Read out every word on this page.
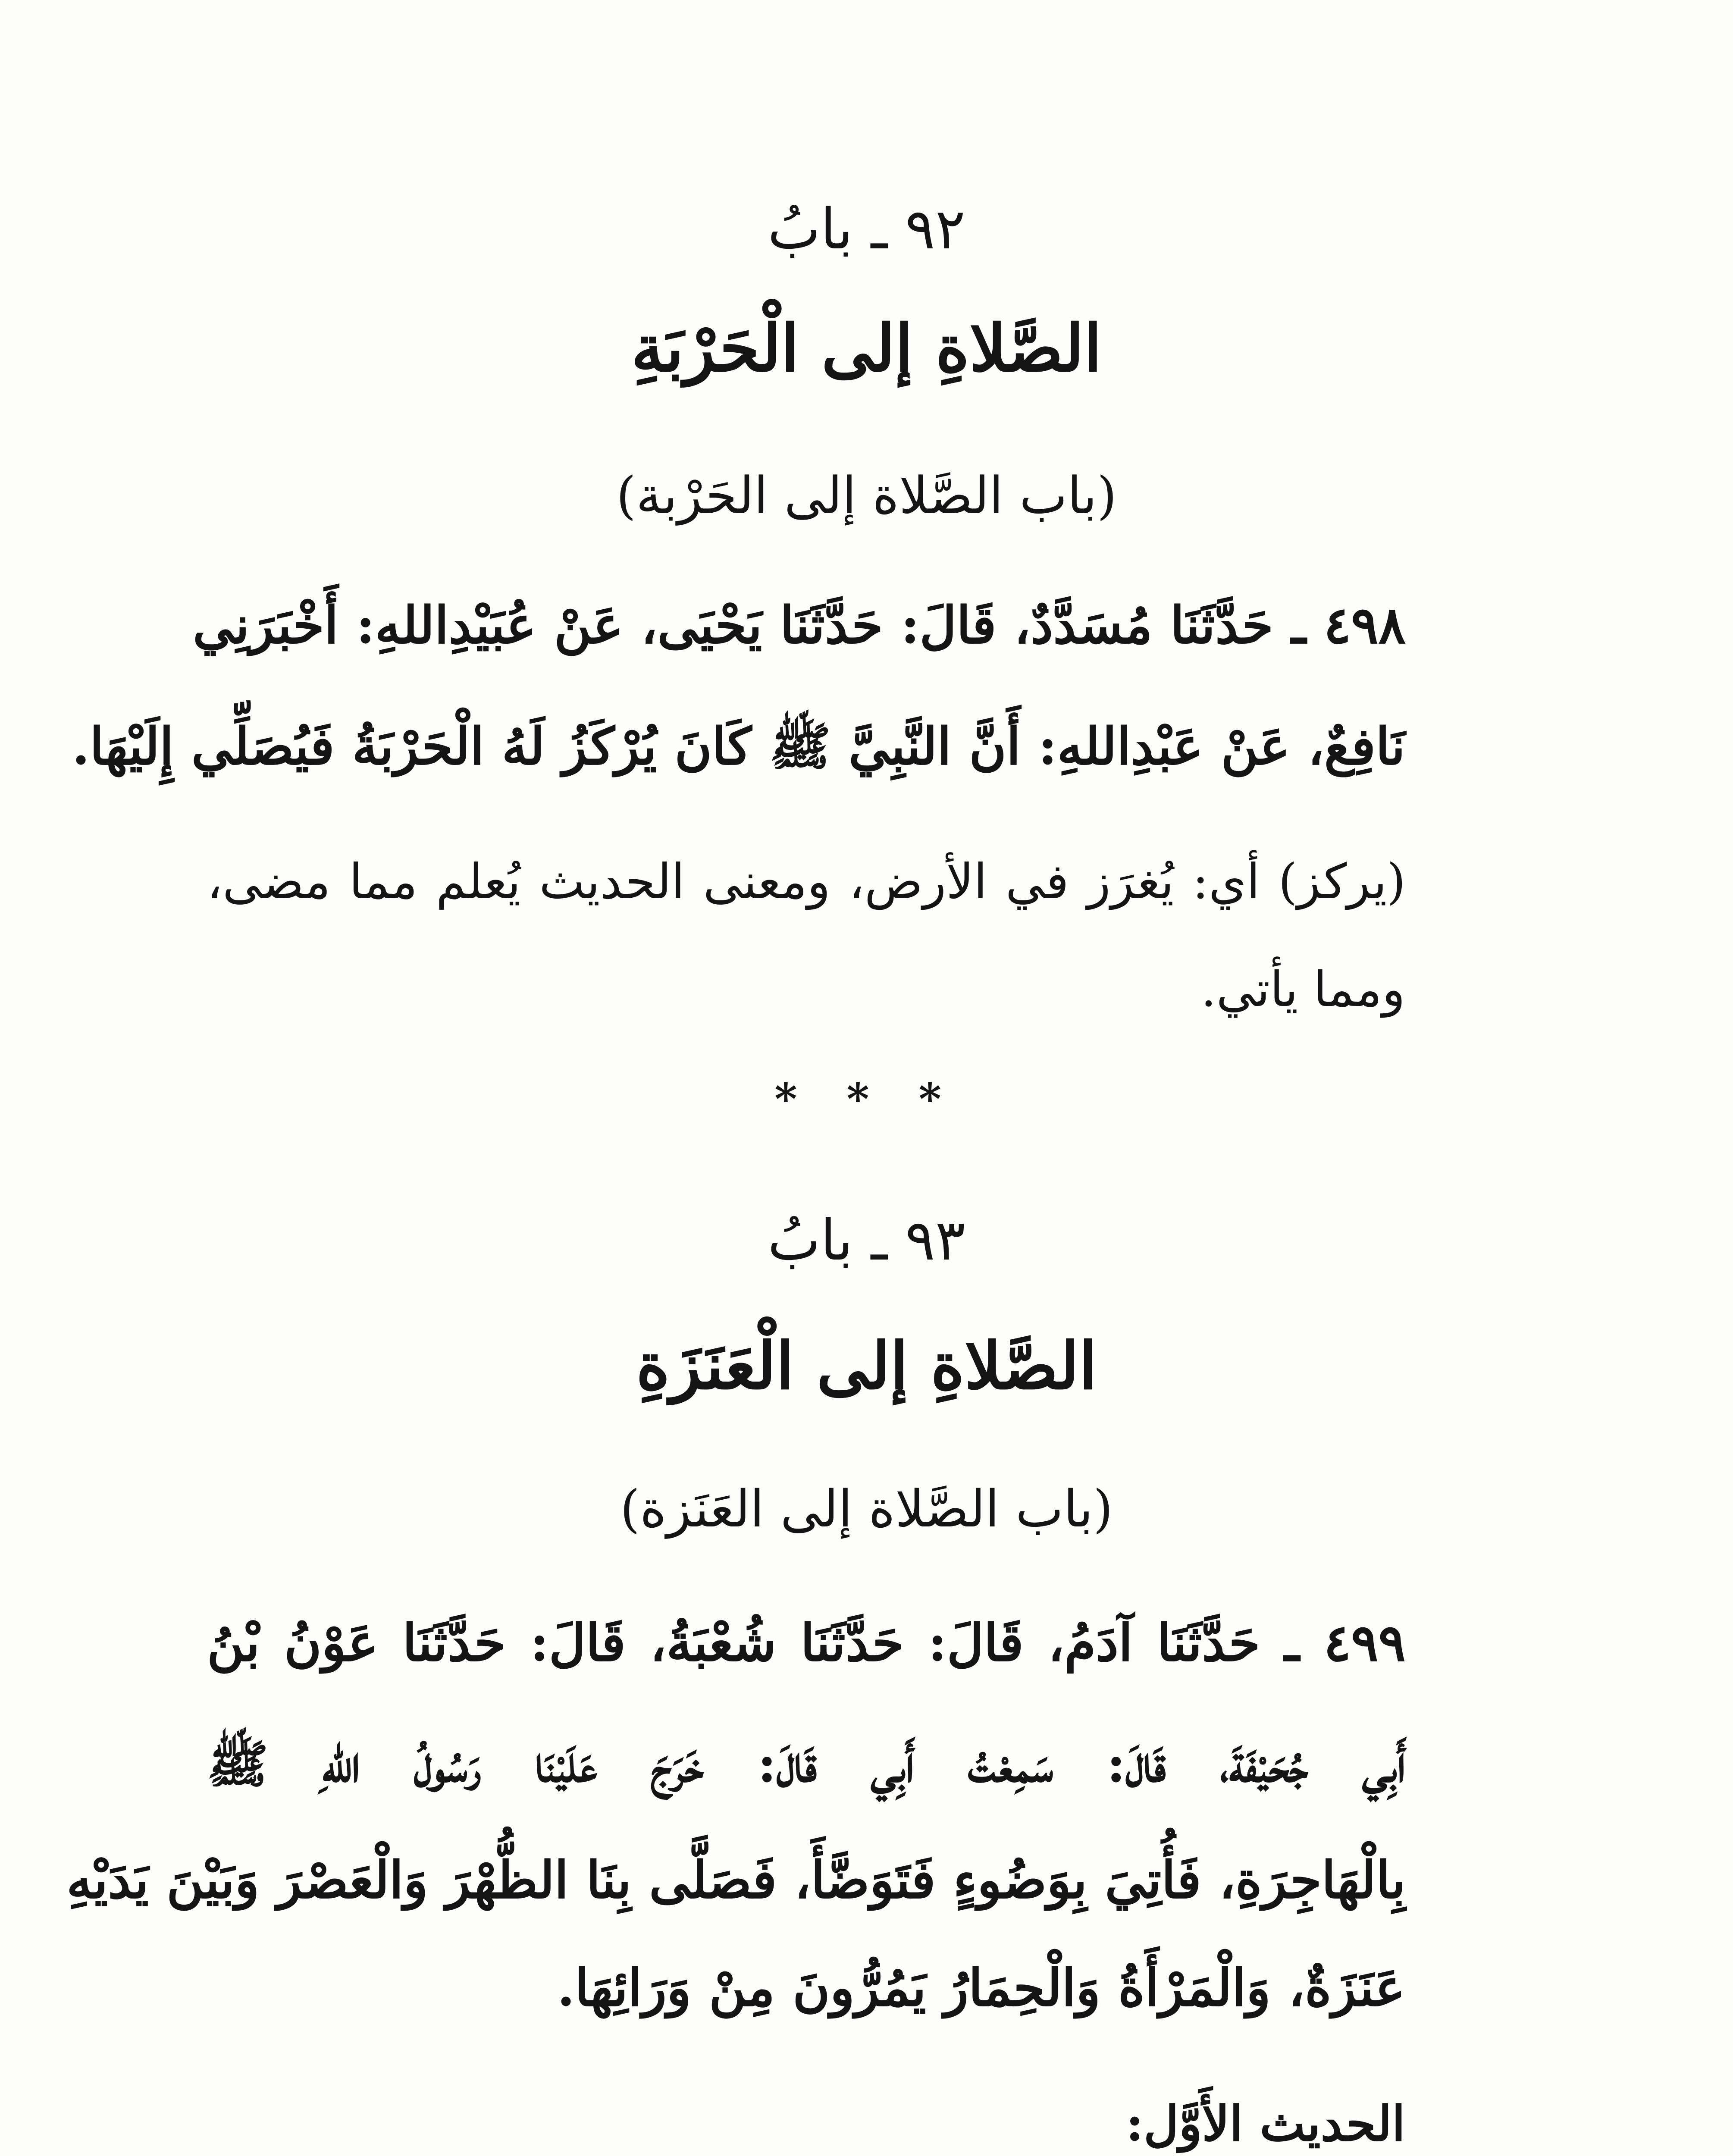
٩٢ ـ بابُ
الصَّلاةِ إلى الْحَرْبَةِ
(باب الصَّلاة إلى الحَرْبة)
٤٩٨ ـ حَدَّثَنَا مُسَدَّدٌ، قَالَ: حَدَّثَنَا يَحْيَى، عَنْ عُبَيْدِاللهِ: أَخْبَرَنِي
نَافِعٌ، عَنْ عَبْدِاللهِ: أَنَّ النَّبِيَّ ﷺ كَانَ يُرْكَزُ لَهُ الْحَرْبَةُ فَيُصَلِّي إِلَيْهَا.
(يركز) أي: يُغرَز في الأرض، ومعنى الحديث يُعلم مما مضى،
ومما يأتي.
* * *
٩٣ ـ بابُ
الصَّلاةِ إلى الْعَنَزَةِ
(باب الصَّلاة إلى العَنَزة)
٤٩٩ ـ حَدَّثَنَا آدَمُ، قَالَ: حَدَّثَنَا شُعْبَةُ، قَالَ: حَدَّثَنَا عَوْنُ بْنُ
أَبِي جُحَيْفَةَ، قَالَ: سَمِعْتُ أَبِي قَالَ: خَرَجَ عَلَيْنَا رَسُولُ اللهِ ﷺ
بِالْهَاجِرَةِ، فَأُتِيَ بِوَضُوءٍ فَتَوَضَّأَ، فَصَلَّى بِنَا الظُّهْرَ وَالْعَصْرَ وَبَيْنَ يَدَيْهِ
عَنَزَةٌ، وَالْمَرْأَةُ وَالْحِمَارُ يَمُرُّونَ مِنْ وَرَائِهَا.
الحديث الأَوَّل:
